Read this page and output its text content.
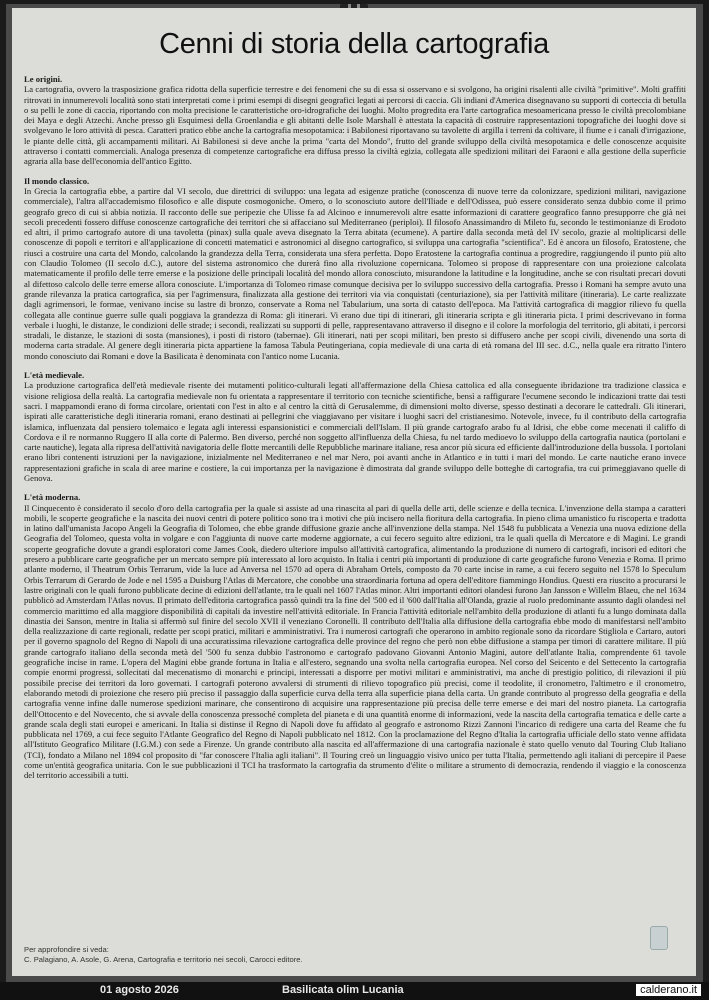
Cenni di storia della cartografia
Le origini.

La cartografia, ovvero la trasposizione grafica ridotta della superficie terrestre e dei fenomeni che su di essa si osservano e si svolgono, ha origini risalenti alle civiltà "primitive". Molti graffiti ritrovati in innumerevoli località sono stati interpretati come i primi esempi di disegni geografici legati ai percorsi di caccia. Gli indiani d'America disegnavano su supporti di corteccia di betulla o su pelli le zone di caccia, riportando con molta precisione le caratteristiche oro-idrografiche dei luoghi. Molto progredita era l'arte cartografica mesoamericana presso le civiltà precolombiane dei Maya e degli Atzechi. Anche presso gli Esquimesi della Groenlandia e gli abitanti delle Isole Marshall è attestata la capacità di costruire rappresentazioni topografiche dei luoghi dove si svolgevano le loro attività di pesca. Caratteri pratico ebbe anche la cartografia mesopotamica: i Babilonesi riportavano su tavolette di argilla i terreni da coltivare, il fiume e i canali d'irrigazione, le piante delle città, gli accampamenti militari. Ai Babilonesi si deve anche la prima "carta del Mondo", frutto del grande sviluppo della civiltà mesopotamica e delle conoscenze acquisite attraverso i contatti commerciali. Analoga presenza di competenze cartografiche era diffusa presso la civiltà egizia, collegata alle spedizioni militari dei Faraoni e alla gestione della superficie agraria alla base dell'economia dell'antico Egitto.

Il mondo classico.

In Grecia la cartografia ebbe, a partire dal VI secolo, due direttrici di sviluppo: una legata ad esigenze pratiche (conoscenza di nuove terre da colonizzare, spedizioni militari, navigazione commerciale), l'altra all'accademismo filosofico e alle dispute cosmogoniche. Omero, o lo sconosciuto autore dell'Iliade e dell'Odissea, può essere considerato senza dubbio come il primo geografo greco di cui si abbia notizia. Il racconto delle sue peripezie che Ulisse fa ad Alcinoo e innumerevoli altre esatte informazioni di carattere geografico fanno presupporre che già nei secoli precedenti fossero diffuse conoscenze cartografiche dei territori che si affacciano sul Mediterraneo (periploi). Il filosofo Anassimandro di Mileto fu, secondo le testimonianze di Erodoto ed altri, il primo cartografo autore di una tavoletta (pinax) sulla quale aveva disegnato la Terra abitata (ecumene). A partire dalla seconda metà del IV secolo, grazie al moltiplicarsi delle conoscenze di popoli e territori e all'applicazione di concetti matematici e astronomici al disegno cartografico, si sviluppa una cartografia "scientifica". Ed è ancora un filosofo, Eratostene, che riuscì a costruire una carta del Mondo, calcolando la grandezza della Terra, considerata una sfera perfetta. Dopo Eratostene la cartografia continua a progredire, raggiungendo il punto più alto con Claudio Tolomeo (II secolo d.C.), autore del sistema astronomico che durerà fino alla rivoluzione copernicana. Tolomeo si propose di rappresentare con una proiezione calcolata matematicamente il profilo delle terre emerse e la posizione delle principali località del mondo allora conosciuto, misurandone la latitudine e la longitudine, anche se con risultati precari dovuti al difettoso calcolo delle terre emerse allora conosciute. L'importanza di Tolomeo rimase comunque decisiva per lo sviluppo successivo della cartografia. Presso i Romani ha sempre avuto una grande rilevanza la pratica cartografica, sia per l'agrimensura, finalizzata alla gestione dei territori via via conquistati (centuriazione), sia per l'attività militare (itineraria). Le carte realizzate dagli agrimensori, le formae, venivano incise su lastre di bronzo, conservate a Roma nel Tabularium, una sorta di catasto dell'epoca. Ma l'attività cartografica di maggior rilievo fu quella collegata alle continue guerre sulle quali poggiava la grandezza di Roma: gli itinerari. Vi erano due tipi di itinerari, gli itineraria scripta e gli itineraria picta. I primi descrivevano in forma verbale i luoghi, le distanze, le condizioni delle strade; i secondi, realizzati su supporti di pelle, rappresentavano attraverso il disegno e il colore la morfologia del territorio, gli abitati, i percorsi stradali, le distanze, le stazioni di sosta (mansiones), i posti di ristoro (tabernae). Gli itinerari, nati per scopi militari, ben presto si diffusero anche per scopi civili, divenendo una sorta di moderna carta stradale. Al genere degli itineraria picta appartiene la famosa Tabula Peutingeriana, copia medievale di una carta di età romana del III sec. d.C., nella quale era ritratto l'intero mondo conosciuto dai Romani e dove la Basilicata è denominata con l'antico nome Lucania.

L'età medievale.

La produzione cartografica dell'età medievale risente dei mutamenti politico-culturali legati all'affermazione della Chiesa cattolica ed alla conseguente ibridazione tra tradizione classica e visione religiosa della realtà. La cartografia medievale non fu orientata a rappresentare il territorio con tecniche scientifiche, bensì a raffigurare l'ecumene secondo le indicazioni tratte dai testi sacri. I mappamondi erano di forma circolare, orientati con l'est in alto e al centro la città di Gerusalemme, di dimensioni molto diverse, spesso destinati a decorare le cattedrali. Gli itinerari, ispirati alle caratteristiche degli itineraria romani, erano destinati ai pellegrini che viaggiavano per visitare i luoghi sacri del cristianesimo. Notevole, invece, fu il contributo della cartografia islamica, influenzata dal pensiero tolemaico e legata agli interessi espansionistici e commerciali dell'Islam. Il più grande cartografo arabo fu al Idrisi, che ebbe come mecenati il califfo di Cordova e il re normanno Ruggero II alla corte di Palermo. Ben diverso, perché non soggetto all'influenza della Chiesa, fu nel tardo medioevo lo sviluppo della cartografia nautica (portolani e carte nautiche), legata alla ripresa dell'attività navigatoria delle flotte mercantili delle Repubbliche marinare italiane, resa ancor più sicura ed efficiente dall'introduzione della bussola. I portolani erano libri contenenti istruzioni per la navigazione, inizialmente nel Mediterraneo e nel mar Nero, poi avanti anche in Atlantico e in tutti i mari del mondo. Le carte nautiche erano invece rappresentazioni grafiche in scala di aree marine e costiere, la cui importanza per la navigazione è dimostrata dal grande sviluppo delle botteghe di cartografia, tra cui primeggiavano quelle di Genova.

L'età moderna.

Il Cinquecento è considerato il secolo d'oro della cartografia per la quale si assiste ad una rinascita al pari di quella delle arti, delle scienze e della tecnica. L'invenzione della stampa a caratteri mobili, le scoperte geografiche e la nascita dei nuovi centri di potere politico sono tra i motivi che più incisero nella fioritura della cartografia. In pieno clima umanistico fu riscoperta e tradotta in latino dall'umanista Jacopo Angeli la Geografia di Tolomeo, che ebbe grande diffusione grazie anche all'invenzione della stampa. Nel 1548 fu pubblicata a Venezia una nuova edizione della Geografia del Tolomeo, questa volta in volgare e con l'aggiunta di nuove carte moderne aggiornate, a cui fecero seguito altre edizioni, tra le quali quella di Mercatore e di Magini. Le grandi scoperte geografiche dovute a grandi esploratori come James Cook, diedero ulteriore impulso all'attività cartografica, alimentando la produzione di numero di cartografi, incisori ed editori che presero a pubblicare carte geografiche per un mercato sempre più interessato al loro acquisto. In Italia i centri più importanti di produzione di carte geografiche furono Venezia e Roma. Il primo atlante moderno, il Theatrum Orbis Terrarum, vide la luce ad Anversa nel 1570 ad opera di Abraham Ortels, composto da 70 carte incise in rame, a cui fecero seguito nel 1578 lo Speculum Orbis Terrarum di Gerardo de Jode e nel 1595 a Duisburg l'Atlas di Mercatore, che conobbe una straordinaria fortuna ad opera dell'editore fiammingo Hondius. Questi era riuscito a procurarsi le lastre originali con le quali furono pubblicate decine di edizioni dell'atlante, tra le quali nel 1607 l'Atlas minor. Altri importanti editori olandesi furono Jan Jansson e Willelm Blaeu, che nel 1634 pubblicò ad Amsterdam l'Atlas novus. Il primato dell'editoria cartografica passò quindi tra la fine del '500 ed il '600 dall'Italia all'Olanda, grazie al ruolo predominante assunto dagli olandesi nel commercio marittimo ed alla maggiore disponibilità di capitali da investire nell'attività editoriale. In Francia l'attività editoriale nell'ambito della produzione di atlanti fu a lungo dominata dalla dinastia dei Sanson, mentre in Italia si affermò sul finire del secolo XVII il veneziano Coronelli. Il contributo dell'Italia alla diffusione della cartografia ebbe modo di manifestarsi nell'ambito della realizzazione di carte regionali, redatte per scopi pratici, militari e amministrativi. Tra i numerosi cartografi che operarono in ambito regionale sono da ricordare Stigliola e Cartaro, autori per il governo spagnolo del Regno di Napoli di una accuratissima rilevazione cartografica delle province del regno che però non ebbe diffusione a stampa per timori di carattere militare. Il più grande cartografo italiano della seconda metà del '500 fu senza dubbio l'astronomo e cartografo padovano Giovanni Antonio Magini, autore dell'atlante Italia, comprendente 61 tavole geografiche incise in rame. L'opera del Magini ebbe grande fortuna in Italia e all'estero, segnando una svolta nella cartografia europea. Nel corso del Seicento e del Settecento la cartografia compie enormi progressi, sollecitati dal mecenatismo di monarchi e principi, interessati a disporre per motivi militari e amministrativi, ma anche di prestigio politico, di rilevazioni il più possibile precise dei territori da loro governati. I cartografi poterono avvalersi di strumenti di rilievo topografico più precisi, come il teodolite, il cronometro, l'altimetro e il cronometro, elaborando metodi di proiezione che resero più preciso il passaggio dalla superficie curva della terra alla superficie piana della carta. Un grande contributo al progresso della geografia e della cartografia venne infine dalle numerose spedizioni marinare, che consentirono di acquisire una rappresentazione più precisa delle terre emerse e dei mari del nostro pianeta. La cartografia dell'Ottocento e del Novecento, che si avvale della conoscenza pressoché completa del pianeta e di una quantità enorme di informazioni, vede la nascita della cartografia tematica e delle carte a grande scala degli stati europei e americani. In Italia si distinse il Regno di Napoli dove fu affidato al geografo e astronomo Rizzi Zannoni l'incarico di redigere una carta del Reame che fu pubblicata nel 1769, a cui fece seguito l'Atlante Geografico del Regno di Napoli pubblicato nel 1812. Con la proclamazione del Regno d'Italia la cartografia ufficiale dello stato venne affidata all'Istituto Geografico Militare (I.G.M.) con sede a Firenze. Un grande contributo alla nascita ed all'affermazione di una cartografia nazionale è stato quello venuto dal Touring Club Italiano (TCI), fondato a Milano nel 1894 col proposito di "far conoscere l'Italia agli italiani". Il Touring creò un linguaggio visivo unico per tutta l'Italia, permettendo agli italiani di percepire il Paese come un'entità geografica unitaria. Con le sue pubblicazioni il TCI ha trasformato la cartografia da strumento d'élite o militare a strumento di democrazia, rendendo il viaggio e la conoscenza del territorio accessibili a tutti.

Per approfondire si veda:

C. Palagiano, A. Asole, G. Arena, Cartografia e territorio nei secoli, Carocci editore.

01 agosto 2026	Basilicata olim Lucania	calderano.it
